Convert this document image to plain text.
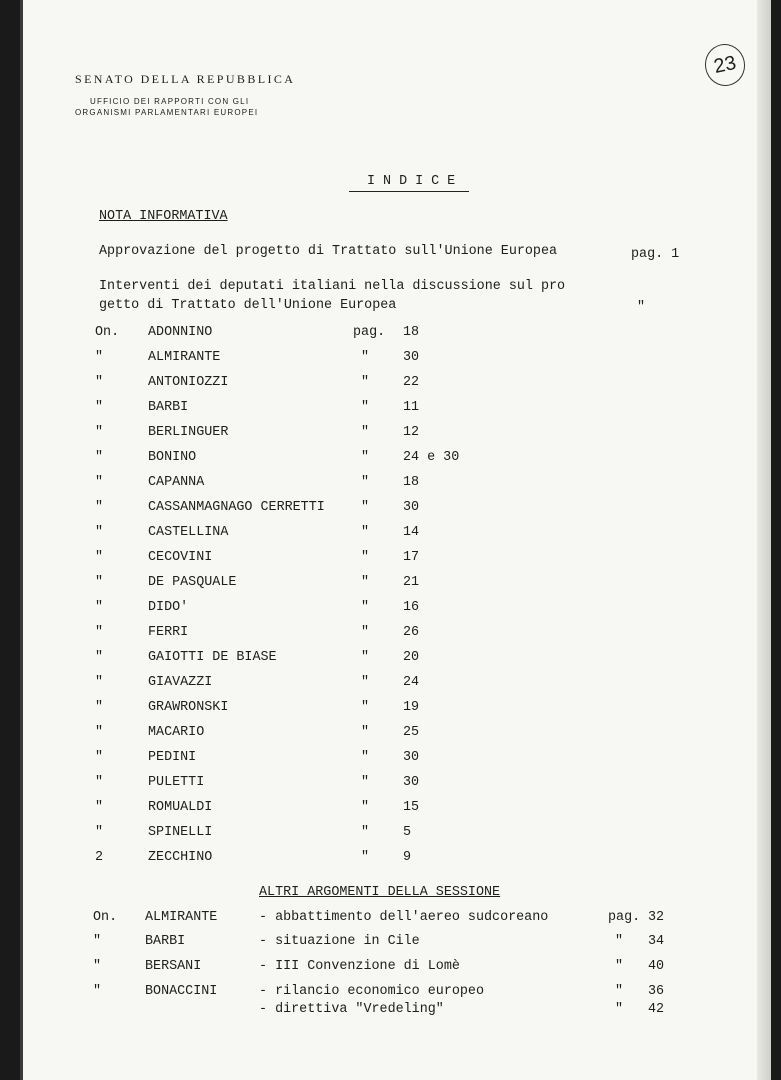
SENATO DELLA REPUBBLICA
UFFICIO DEI RAPPORTI CON GLI
ORGANISMI PARLAMENTARI EUROPEI
23
INDICE
NOTA INFORMATIVA
Approvazione del progetto di Trattato sull'Unione Europea	pag. 1
Interventi dei deputati italiani nella discussione sul pro
getto di Trattato dell'Unione Europea	"
On. ADONNINO	pag. 18
"	ALMIRANTE	"	30
"	ANTONIOZZI	"	22
"	BARBI	"	11
"	BERLINGUER	"	12
"	BONINO	"	24 e 30
"	CAPANNA	"	18
"	CASSANMAGNAGO CERRETTI	"	30
"	CASTELLINA	"	14
"	CECOVINI	"	17
"	DE PASQUALE	"	21
"	DIDO'	"	16
"	FERRI	"	26
"	GAIOTTI DE BIASE	"	20
"	GIAVAZZI	"	24
"	GRAWRONSKI	"	19
"	MACARIO	"	25
"	PEDINI	"	30
"	PULETTI	"	30
"	ROMUALDI	"	15
"	SPINELLI	"	5
2	ZECCHINO	"	9
ALTRI ARGOMENTI DELLA SESSIONE
On. ALMIRANTE	- abbattimento dell'aereo sudcoreano	pag. 32
"	BARBI	- situazione in Cile	" 34
"	BERSANI	- III Convenzione di Lomè	" 40
"	BONACCINI	- rilancio economico europeo	" 36
- direttiva "Vredeling"	" 42
